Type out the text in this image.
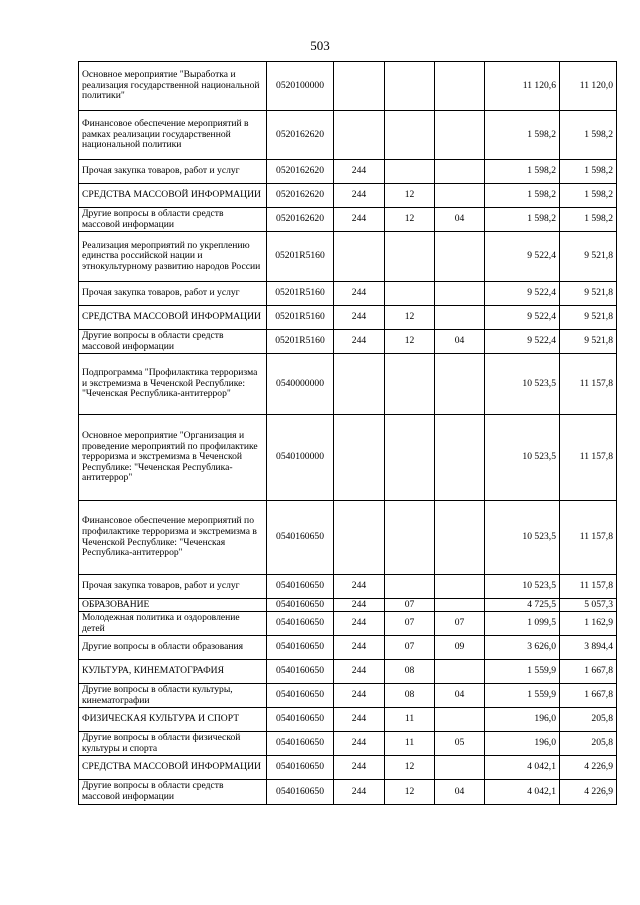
503
Основное мероприятие "Выработка и реализация государственной национальной политики"	0520100000				11 120,6	11 120,0
Финансовое обеспечение мероприятий в рамках реализации государственной национальной политики	0520162620				1 598,2	1 598,2
Прочая закупка товаров, работ и услуг	0520162620	244			1 598,2	1 598,2
СРЕДСТВА МАССОВОЙ ИНФОРМАЦИИ	0520162620	244	12		1 598,2	1 598,2
Другие вопросы в области средств массовой информации	0520162620	244	12	04	1 598,2	1 598,2
Реализация мероприятий по укреплению единства российской нации и этнокультурному развитию народов России	05201R5160				9 522,4	9 521,8
Прочая закупка товаров, работ и услуг	05201R5160	244			9 522,4	9 521,8
СРЕДСТВА МАССОВОЙ ИНФОРМАЦИИ	05201R5160	244	12		9 522,4	9 521,8
Другие вопросы в области средств массовой информации	05201R5160	244	12	04	9 522,4	9 521,8
Подпрограмма "Профилактика терроризма и экстремизма в Чеченской Республике: "Чеченская Республика-антитеррор"	0540000000				10 523,5	11 157,8
Основное мероприятие "Организация и проведение мероприятий по профилактике терроризма и экстремизма в Чеченской Республике: "Чеченская Республика-антитеррор"	0540100000				10 523,5	11 157,8
Финансовое обеспечение мероприятий по профилактике терроризма и экстремизма в Чеченской Республике: "Чеченская Республика-антитеррор"	0540160650				10 523,5	11 157,8
Прочая закупка товаров, работ и услуг	0540160650	244			10 523,5	11 157,8
ОБРАЗОВАНИЕ	0540160650	244	07		4 725,5	5 057,3
Молодежная политика и оздоровление детей	0540160650	244	07	07	1 099,5	1 162,9
Другие вопросы в области образования	0540160650	244	07	09	3 626,0	3 894,4
КУЛЬТУРА, КИНЕМАТОГРАФИЯ	0540160650	244	08		1 559,9	1 667,8
Другие вопросы в области культуры, кинематографии	0540160650	244	08	04	1 559,9	1 667,8
ФИЗИЧЕСКАЯ КУЛЬТУРА И СПОРТ	0540160650	244	11		196,0	205,8
Другие вопросы в области физической культуры и спорта	0540160650	244	11	05	196,0	205,8
СРЕДСТВА МАССОВОЙ ИНФОРМАЦИИ	0540160650	244	12		4 042,1	4 226,9
Другие вопросы в области средств массовой информации	0540160650	244	12	04	4 042,1	4 226,9
